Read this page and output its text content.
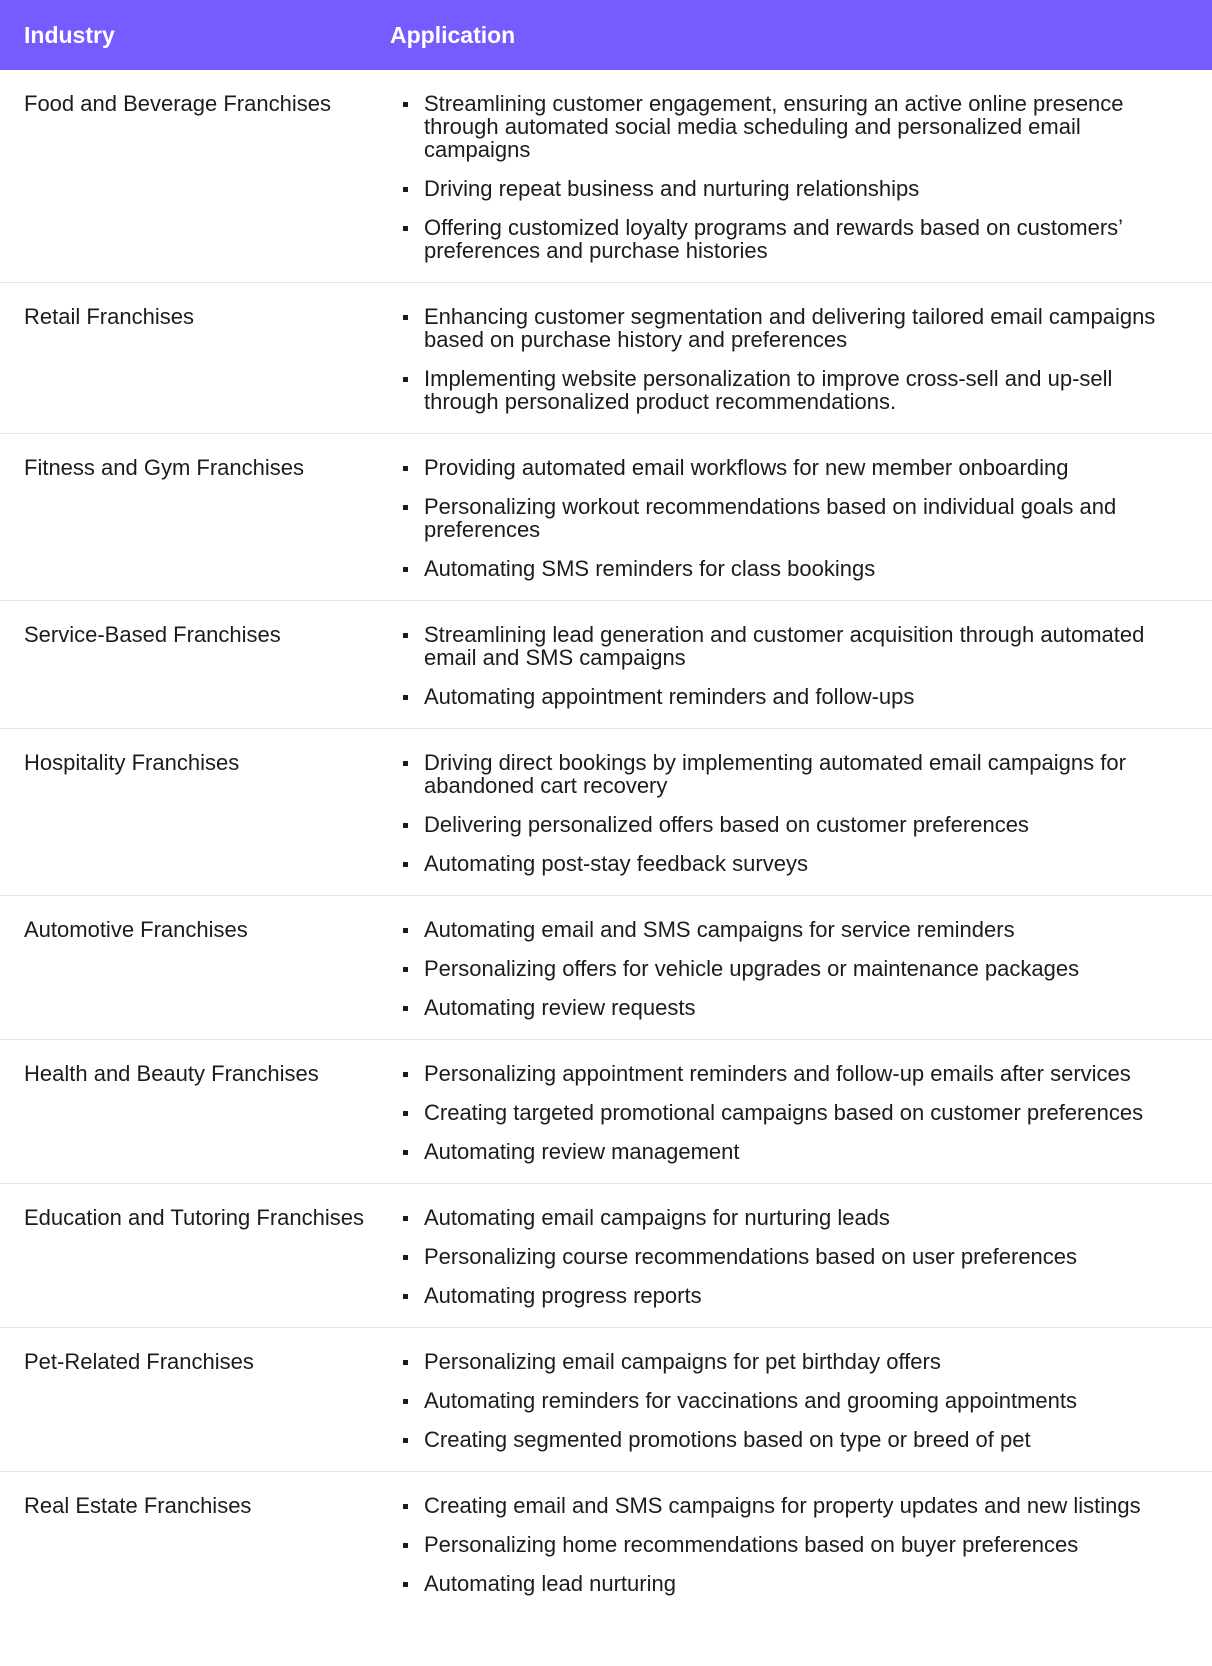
Industry	Application
Food and Beverage Franchises	Streamlining customer engagement, ensuring an active online presence through automated social media scheduling and personalized email campaigns
Driving repeat business and nurturing relationships
Offering customized loyalty programs and rewards based on customers’ preferences and purchase histories
Retail Franchises	Enhancing customer segmentation and delivering tailored email campaigns based on purchase history and preferences
Implementing website personalization to improve cross-sell and up-sell through personalized product recommendations.
Fitness and Gym Franchises	Providing automated email workflows for new member onboarding
Personalizing workout recommendations based on individual goals and preferences
Automating SMS reminders for class bookings
Service-Based Franchises	Streamlining lead generation and customer acquisition through automated email and SMS campaigns
Automating appointment reminders and follow-ups
Hospitality Franchises	Driving direct bookings by implementing automated email campaigns for abandoned cart recovery
Delivering personalized offers based on customer preferences
Automating post-stay feedback surveys
Automotive Franchises	Automating email and SMS campaigns for service reminders
Personalizing offers for vehicle upgrades or maintenance packages
Automating review requests
Health and Beauty Franchises	Personalizing appointment reminders and follow-up emails after services
Creating targeted promotional campaigns based on customer preferences
Automating review management
Education and Tutoring Franchises	Automating email campaigns for nurturing leads
Personalizing course recommendations based on user preferences
Automating progress reports
Pet-Related Franchises	Personalizing email campaigns for pet birthday offers
Automating reminders for vaccinations and grooming appointments
Creating segmented promotions based on type or breed of pet
Real Estate Franchises	Creating email and SMS campaigns for property updates and new listings
Personalizing home recommendations based on buyer preferences
Automating lead nurturing
